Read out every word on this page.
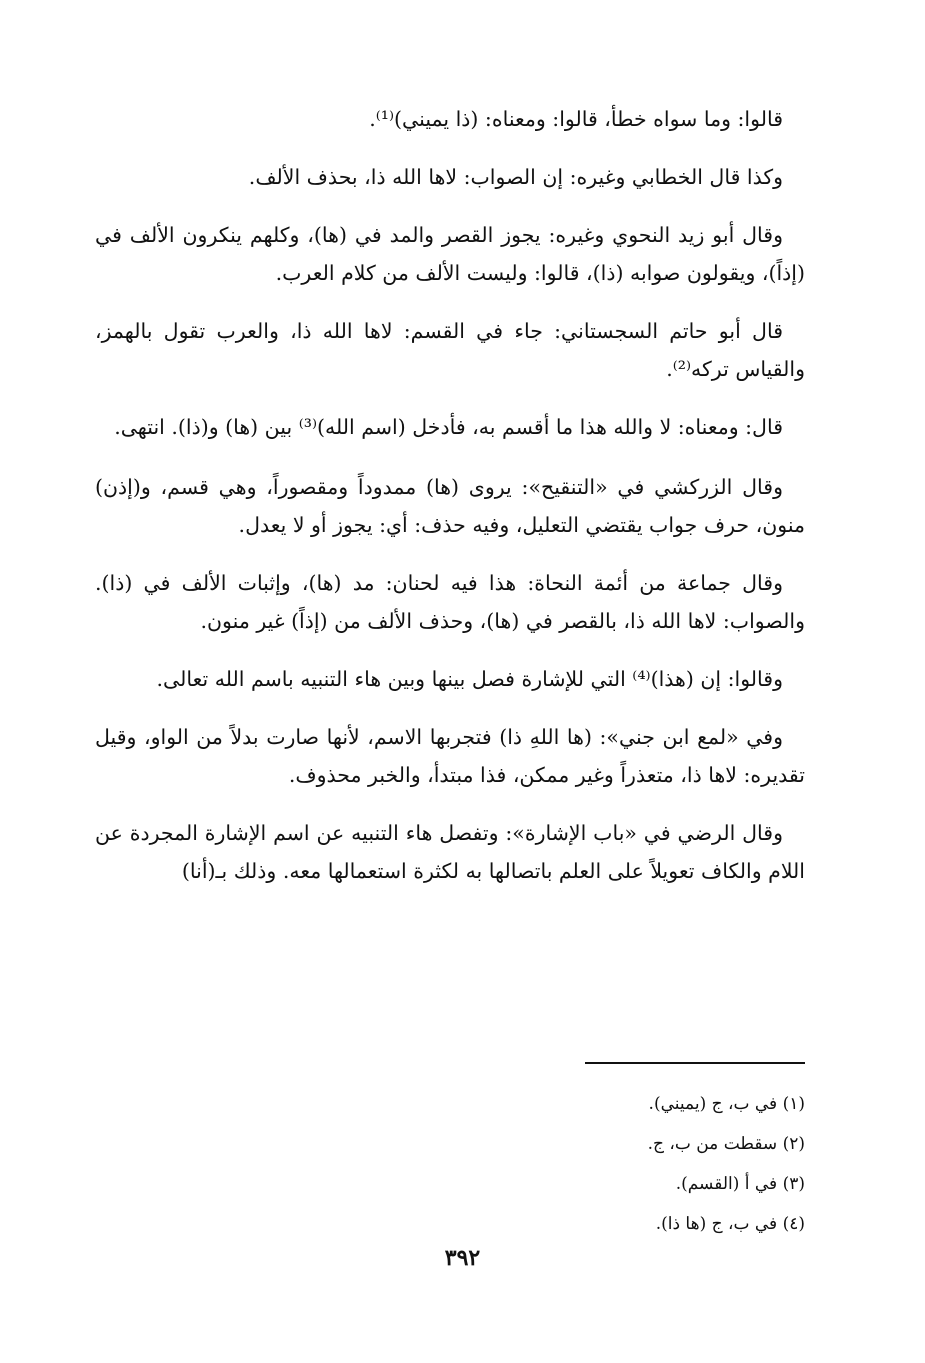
قالوا: وما سواه خطأ، قالوا: ومعناه: (ذا يميني)⁽¹⁾.

وكذا قال الخطابي وغيره: إن الصواب: لاها الله ذا، بحذف الألف.

وقال أبو زيد النحوي وغيره: يجوز القصر والمد في (ها)، وكلهم ينكرون الألف في (إذاً)، ويقولون صوابه (ذا)، قالوا: وليست الألف من كلام العرب.

قال أبو حاتم السجستاني: جاء في القسم: لاها الله ذا، والعرب تقول بالهمز، والقياس تركه⁽²⁾.

قال: ومعناه: لا والله هذا ما أقسم به، فأدخل (اسم الله)⁽³⁾ بين (ها) و(ذا). انتهى.

وقال الزركشي في «التنقيح»: يروى (ها) ممدوداً ومقصوراً، وهي قسم، و(إذن) منون، حرف جواب يقتضي التعليل، وفيه حذف: أي: يجوز أو لا يعدل.

وقال جماعة من أئمة النحاة: هذا فيه لحنان: مد (ها)، وإثبات الألف في (ذا). والصواب: لاها الله ذا، بالقصر في (ها)، وحذف الألف من (إذاً) غير منون.

وقالوا: إن (هذا)⁽⁴⁾ التي للإشارة فصل بينها وبين هاء التنبيه باسم الله تعالى.

وفي «لمع ابن جني»: (ها اللهِ ذا) فتجربها الاسم، لأنها صارت بدلاً من الواو، وقيل تقديره: لاها ذا، متعذراً وغير ممكن، فذا مبتدأ، والخبر محذوف.

وقال الرضي في «باب الإشارة»: وتفصل هاء التنبيه عن اسم الإشارة المجردة عن اللام والكاف تعويلاً على العلم باتصالها به لكثرة استعمالها معه. وذلك بـ(أنا)

(١) في ب، ج (يميني).

(٢) سقطت من ب، ج.

(٣) في أ (القسم).

(٤) في ب، ج (ها ذا).

٣٩٢
